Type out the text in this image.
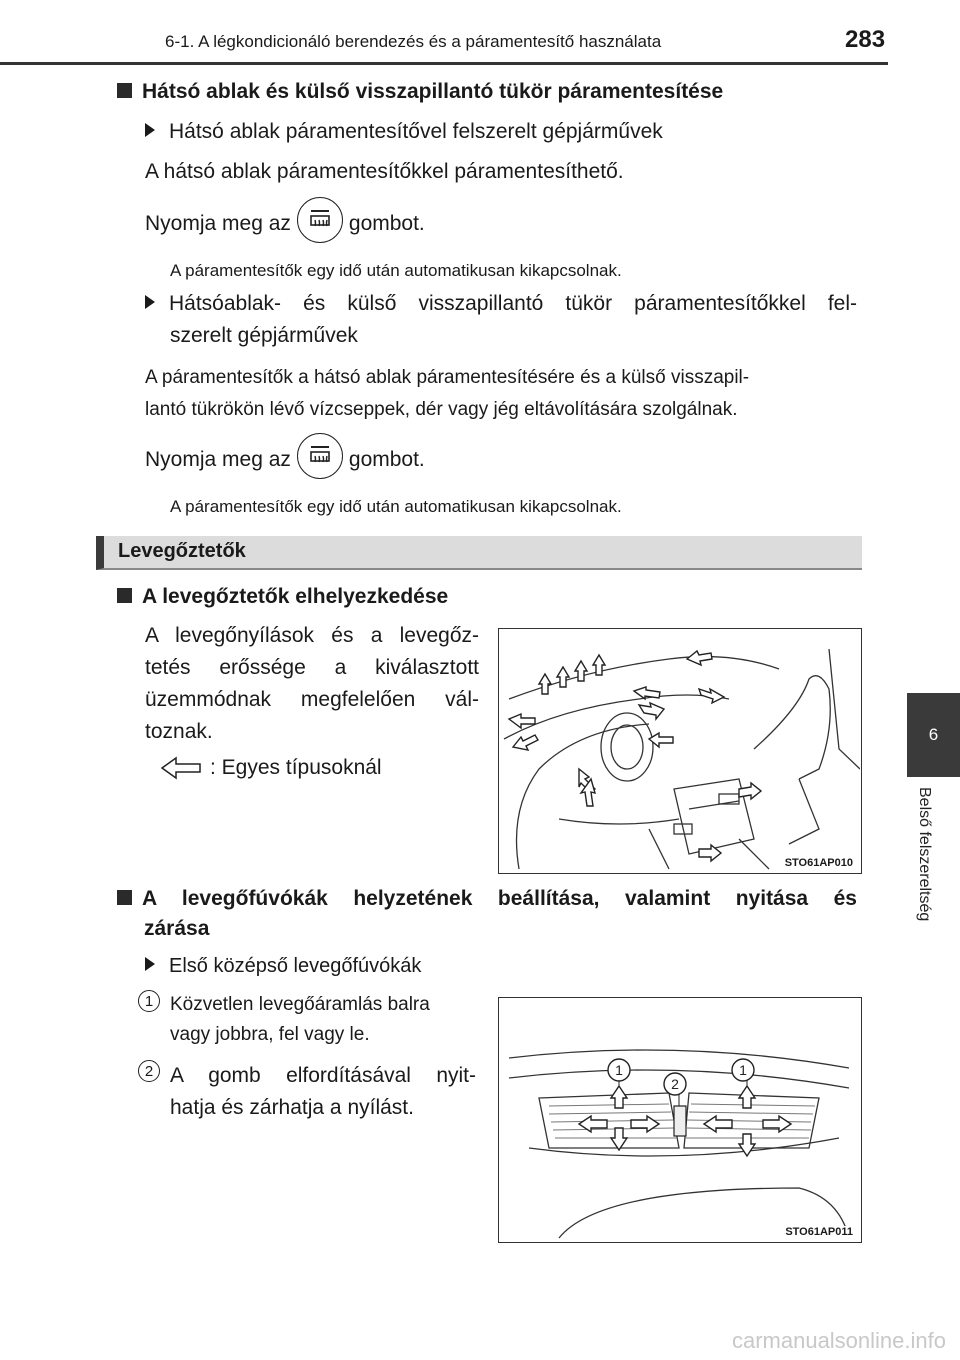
6-1. A légkondicionáló berendezés és a páramentesítő használata	283
6
Belső felszereltség
Hátsó ablak és külső visszapillantó tükör páramentesítése
Hátsó ablak páramentesítővel felszerelt gépjárművek
A hátsó ablak páramentesítőkkel páramentesíthető.
Nyomja meg az	gombot.
A páramentesítők egy idő után automatikusan kikapcsolnak.
Hátsóablak- és külső visszapillantó tükör páramentesítőkkel fel-
szerelt gépjárművek
A páramentesítők a hátsó ablak páramentesítésére és a külső visszapil-
lantó tükrökön lévő vízcseppek, dér vagy jég eltávolítására szolgálnak.
Nyomja meg az	gombot.
A páramentesítők egy idő után automatikusan kikapcsolnak.
Levegőztetők
A levegőztetők elhelyezkedése
A levegőnyílások és a levegőz-
tetés erőssége a kiválasztott
üzemmódnak megfelelően vál-
toznak.
: Egyes típusoknál
STO61AP010
A levegőfúvókák helyzetének beállítása, valamint nyitása és
zárása
Első középső levegőfúvókák
1 Közvetlen levegőáramlás balra
vagy jobbra, fel vagy le.
2 A gomb elfordításával nyit-
hatja és zárhatja a nyílást.
1
2
1
STO61AP011
carmanualsonline.info
